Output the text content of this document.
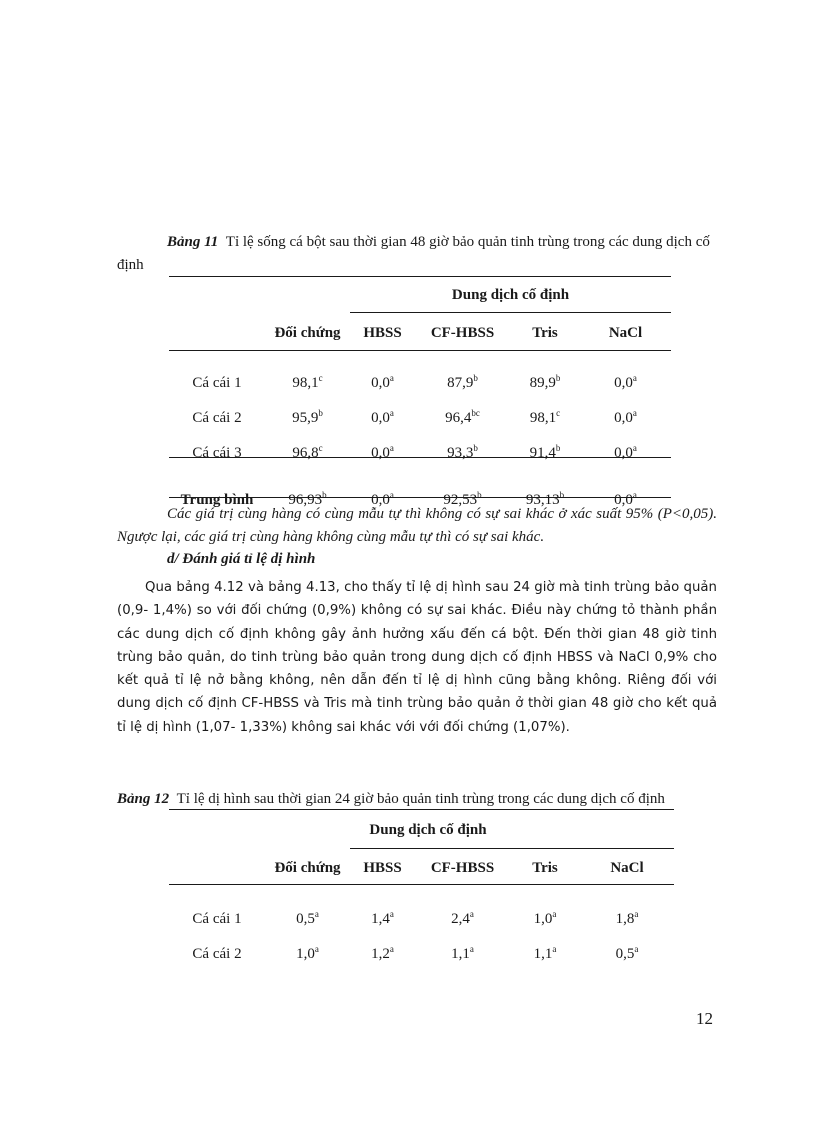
Bảng 11 Tỉ lệ sống cá bột sau thời gian 48 giờ bảo quản tinh trùng trong các dung dịch cố định
Dung dịch cố định
	Đối chứng	HBSS	CF-HBSS	Tris	NaCl

Cá cái 1	98,1$^c$	0,0$^a$	87,9$^b$	89,9$^b$	0,0$^a$
Cá cái 2	95,9$^b$	0,0$^a$	96,4$^{bc}$	98,1$^c$	0,0$^a$
Cá cái 3	96,8$^c$	0,0$^a$	93,3$^b$	91,4$^b$	0,0$^a$

Trung bình	96,93$^b$	0,0$^a$	92,53$^b$	93,13$^b$	0,0$^a$
Các giá trị cùng hàng có cùng mẫu tự thì không có sự sai khác ở xác suất 95% (P<0,05). Ngược lại, các giá trị cùng hàng không cùng mẫu tự thì có sự sai khác.
d/ Đánh giá tỉ lệ dị hình
Qua bảng 4.12 và bảng 4.13, cho thấy tỉ lệ dị hình sau 24 giờ mà tinh trùng bảo quản (0,9- 1,4%) so với đối chứng (0,9%) không có sự sai khác. Điều này chứng tỏ thành phần các dung dịch cố định không gây ảnh hưởng xấu đến cá bột. Đến thời gian 48 giờ tinh trùng bảo quản, do tinh trùng bảo quản trong dung dịch cố định HBSS và NaCl 0,9% cho kết quả tỉ lệ nở bằng không, nên dẫn đến tỉ lệ dị hình cũng bằng không. Riêng đối với dung dịch cố định CF-HBSS và Tris mà tinh trùng bảo quản ở thời gian 48 giờ cho kết quả tỉ lệ dị hình (1,07- 1,33%) không sai khác với với đối chứng (1,07%).
Bảng 12 Tỉ lệ dị hình sau thời gian 24 giờ bảo quản tinh trùng trong các dung dịch cố định
Dung dịch cố định
	Đối chứng	HBSS	CF-HBSS	Tris	NaCl

Cá cái 1	0,5$^a$	1,4$^a$	2,4$^a$	1,0$^a$	1,8$^a$
Cá cái 2	1,0$^a$	1,2$^a$	1,1$^a$	1,1$^a$	0,5$^a$
12
